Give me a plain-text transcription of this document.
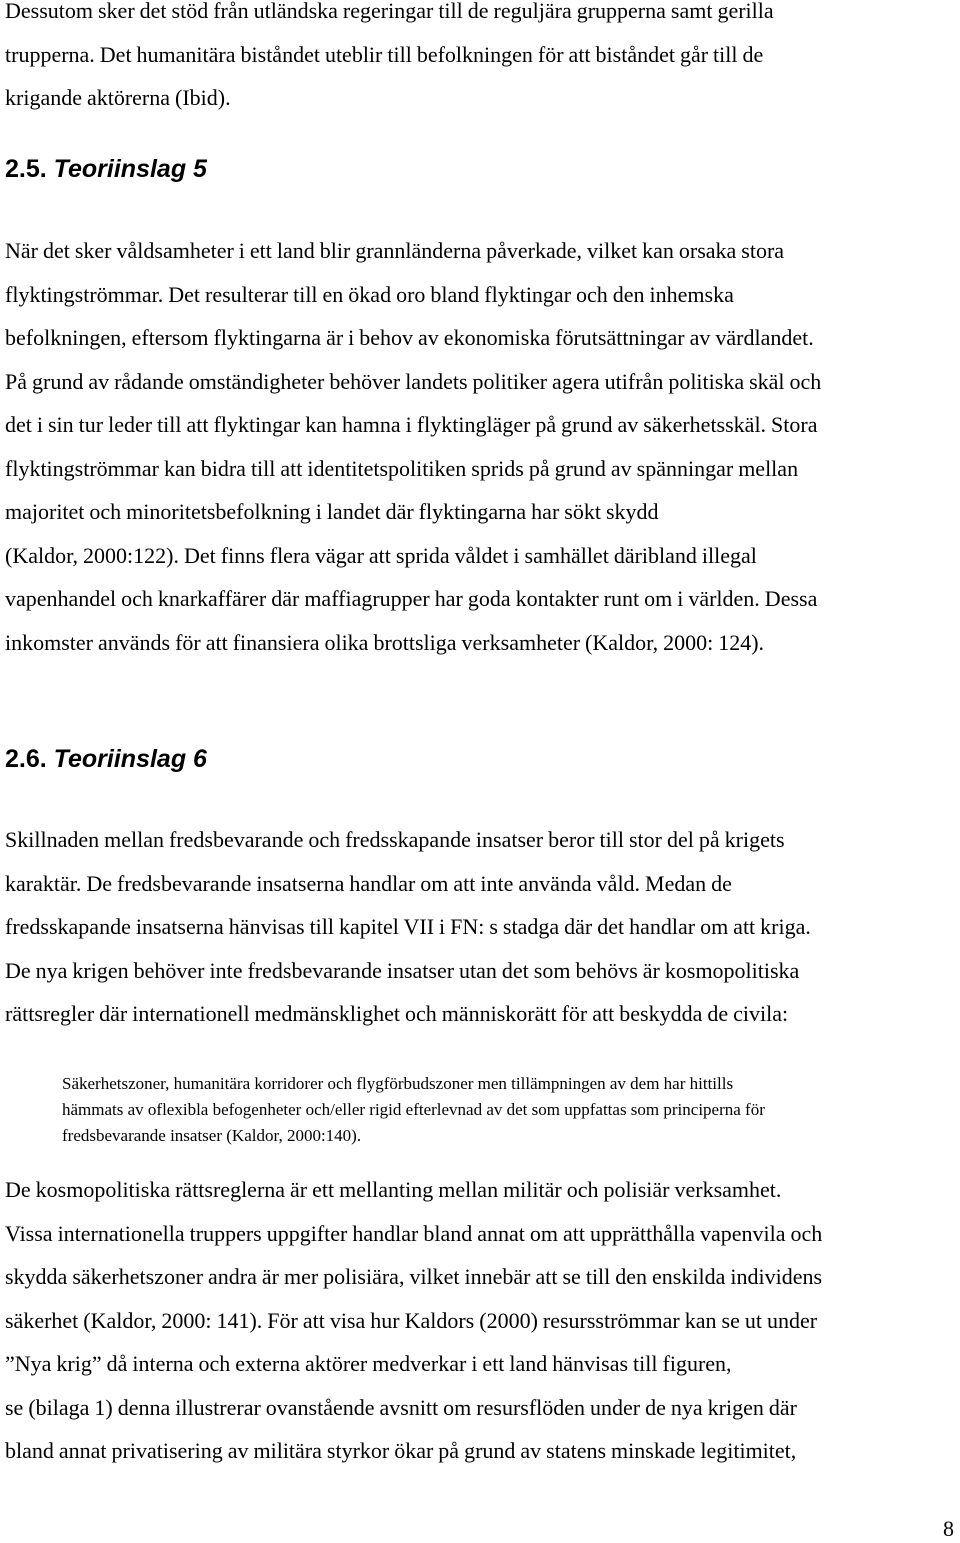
Dessutom sker det stöd från utländska regeringar till de reguljära grupperna samt gerilla
trupperna. Det humanitära biståndet uteblir till befolkningen för att biståndet går till de
krigande aktörerna (Ibid).

2.5. Teoriinslag 5

När det sker våldsamheter i ett land blir grannländerna påverkade, vilket kan orsaka stora
flyktingströmmar. Det resulterar till en ökad oro bland flyktingar och den inhemska
befolkningen, eftersom flyktingarna är i behov av ekonomiska förutsättningar av värdlandet.
På grund av rådande omständigheter behöver landets politiker agera utifrån politiska skäl och
det i sin tur leder till att flyktingar kan hamna i flyktingläger på grund av säkerhetsskäl. Stora
flyktingströmmar kan bidra till att identitetspolitiken sprids på grund av spänningar mellan
majoritet och minoritetsbefolkning i landet där flyktingarna har sökt skydd
(Kaldor, 2000:122). Det finns flera vägar att sprida våldet i samhället däribland illegal
vapenhandel och knarkaffärer där maffiagrupper har goda kontakter runt om i världen. Dessa
inkomster används för att finansiera olika brottsliga verksamheter (Kaldor, 2000: 124).

2.6. Teoriinslag 6

Skillnaden mellan fredsbevarande och fredsskapande insatser beror till stor del på krigets
karaktär. De fredsbevarande insatserna handlar om att inte använda våld. Medan de
fredsskapande insatserna hänvisas till kapitel VII i FN: s stadga där det handlar om att kriga.
De nya krigen behöver inte fredsbevarande insatser utan det som behövs är kosmopolitiska
rättsregler där internationell medmänsklighet och människorätt för att beskydda de civila:

Säkerhetszoner, humanitära korridorer och flygförbudszoner men tillämpningen av dem har hittills
hämmats av oflexibla befogenheter och/eller rigid efterlevnad av det som uppfattas som principerna för
fredsbevarande insatser (Kaldor, 2000:140).

De kosmopolitiska rättsreglerna är ett mellanting mellan militär och polisiär verksamhet.
Vissa internationella truppers uppgifter handlar bland annat om att upprätthålla vapenvila och
skydda säkerhetszoner andra är mer polisiära, vilket innebär att se till den enskilda individens
säkerhet (Kaldor, 2000: 141). För att visa hur Kaldors (2000) resursströmmar kan se ut under
”Nya krig” då interna och externa aktörer medverkar i ett land hänvisas till figuren,
se (bilaga 1) denna illustrerar ovanstående avsnitt om resursflöden under de nya krigen där
bland annat privatisering av militära styrkor ökar på grund av statens minskade legitimitet,

8
